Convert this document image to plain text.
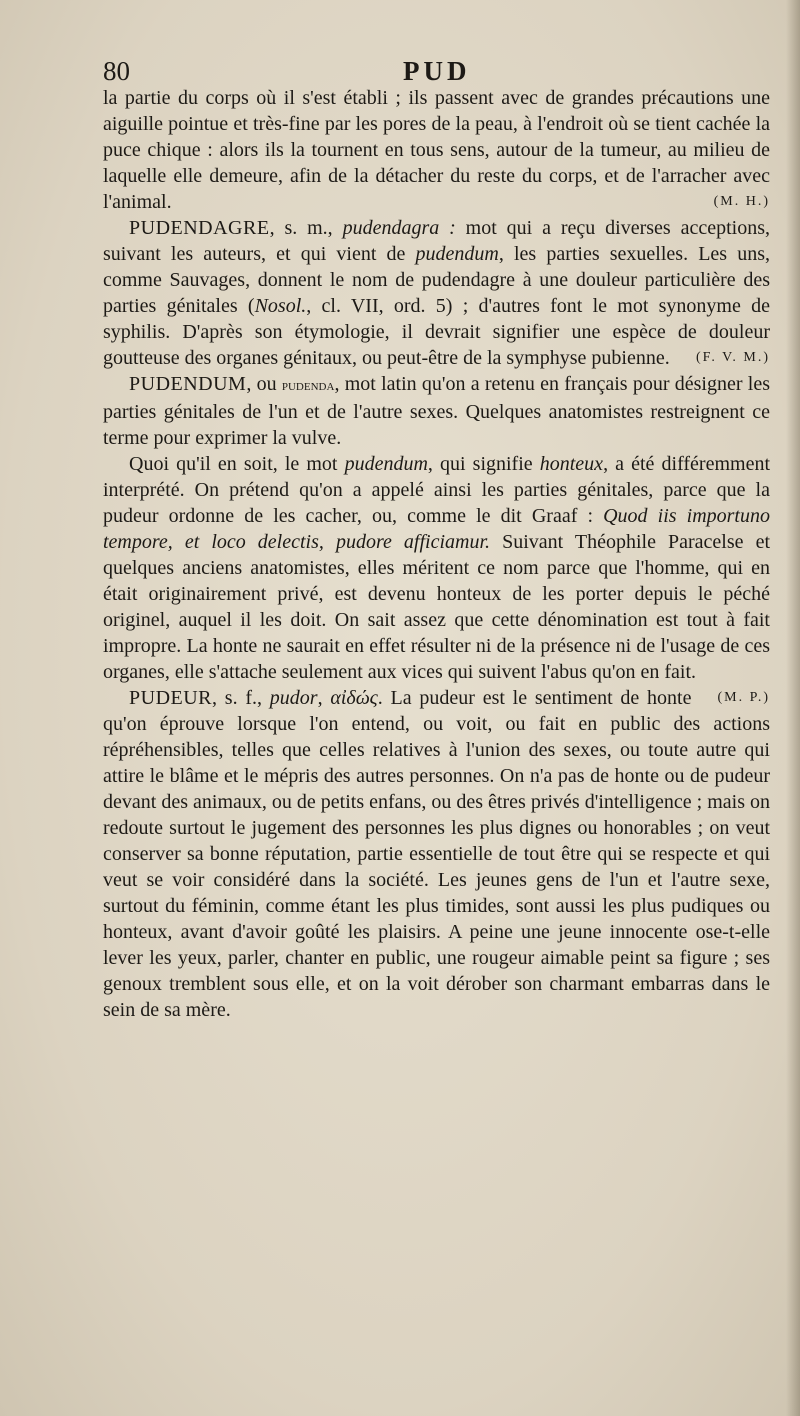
80	PUD

la partie du corps où il s'est établi ; ils passent avec de grandes précautions une aiguille pointue et très-fine par les pores de la peau, à l'endroit où se tient cachée la puce chique : alors ils la tournent en tous sens, autour de la tumeur, au milieu de laquelle elle demeure, afin de la détacher du reste du corps, et de l'arracher avec l'animal.	(M. H.)

PUDENDAGRE, s. m., pudendagra : mot qui a reçu diverses acceptions, suivant les auteurs, et qui vient de pudendum, les parties sexuelles. Les uns, comme Sauvages, donnent le nom de pudendagre à une douleur particulière des parties génitales (Nosol., cl. VII, ord. 5) ; d'autres font le mot synonyme de syphilis. D'après son étymologie, il devrait signifier une espèce de douleur goutteuse des organes génitaux, ou peut-être de la symphyse pubienne.	(F. V. M.)

PUDENDUM, ou pudenda, mot latin qu'on a retenu en français pour désigner les parties génitales de l'un et de l'autre sexes. Quelques anatomistes restreignent ce terme pour exprimer la vulve.

Quoi qu'il en soit, le mot pudendum, qui signifie honteux, a été différemment interprété. On prétend qu'on a appelé ainsi les parties génitales, parce que la pudeur ordonne de les cacher, ou, comme le dit Graaf : Quod iis importuno tempore, et loco delectis, pudore afficiamur. Suivant Théophile Paracelse et quelques anciens anatomistes, elles méritent ce nom parce que l'homme, qui en était originairement privé, est devenu honteux de les porter depuis le péché originel, auquel il les doit. On sait assez que cette dénomination est tout à fait impropre. La honte ne saurait en effet résulter ni de la présence ni de l'usage de ces organes, elle s'attache seulement aux vices qui suivent l'abus qu'on en fait.
(M. P.)

PUDEUR, s. f., pudor, αἰδώς. La pudeur est le sentiment de honte qu'on éprouve lorsque l'on entend, ou voit, ou fait en public des actions répréhensibles, telles que celles relatives à l'union des sexes, ou toute autre qui attire le blâme et le mépris des autres personnes. On n'a pas de honte ou de pudeur devant des animaux, ou de petits enfans, ou des êtres privés d'intelligence ; mais on redoute surtout le jugement des personnes les plus dignes ou honorables ; on veut conserver sa bonne réputation, partie essentielle de tout être qui se respecte et qui veut se voir considéré dans la société. Les jeunes gens de l'un et l'autre sexe, surtout du féminin, comme étant les plus timides, sont aussi les plus pudiques ou honteux, avant d'avoir goûté les plaisirs. A peine une jeune innocente ose-t-elle lever les yeux, parler, chanter en public, une rougeur aimable peint sa figure ; ses genoux tremblent sous elle, et on la voit dérober son charmant embarras dans le sein de sa mère.
